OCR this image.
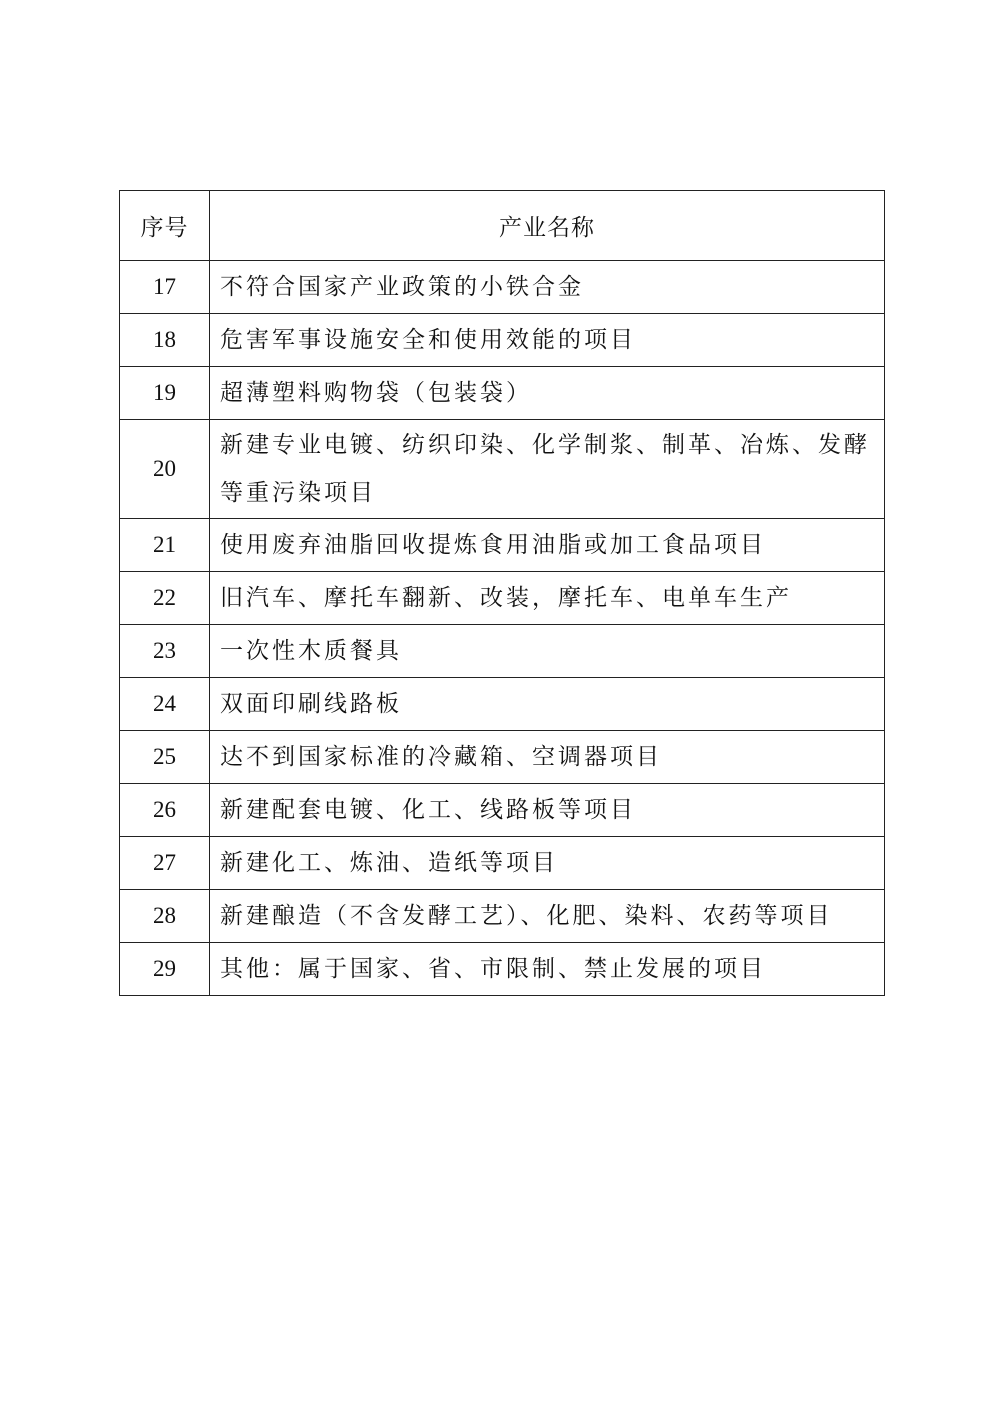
序号	产业名称
17	不符合国家产业政策的小铁合金
18	危害军事设施安全和使用效能的项目
19	超薄塑料购物袋（包装袋）
20	新建专业电镀、纺织印染、化学制浆、制革、冶炼、发酵等重污染项目
21	使用废弃油脂回收提炼食用油脂或加工食品项目
22	旧汽车、摩托车翻新、改装，摩托车、电单车生产
23	一次性木质餐具
24	双面印刷线路板
25	达不到国家标准的冷藏箱、空调器项目
26	新建配套电镀、化工、线路板等项目
27	新建化工、炼油、造纸等项目
28	新建酿造（不含发酵工艺）、化肥、染料、农药等项目
29	其他：属于国家、省、市限制、禁止发展的项目
